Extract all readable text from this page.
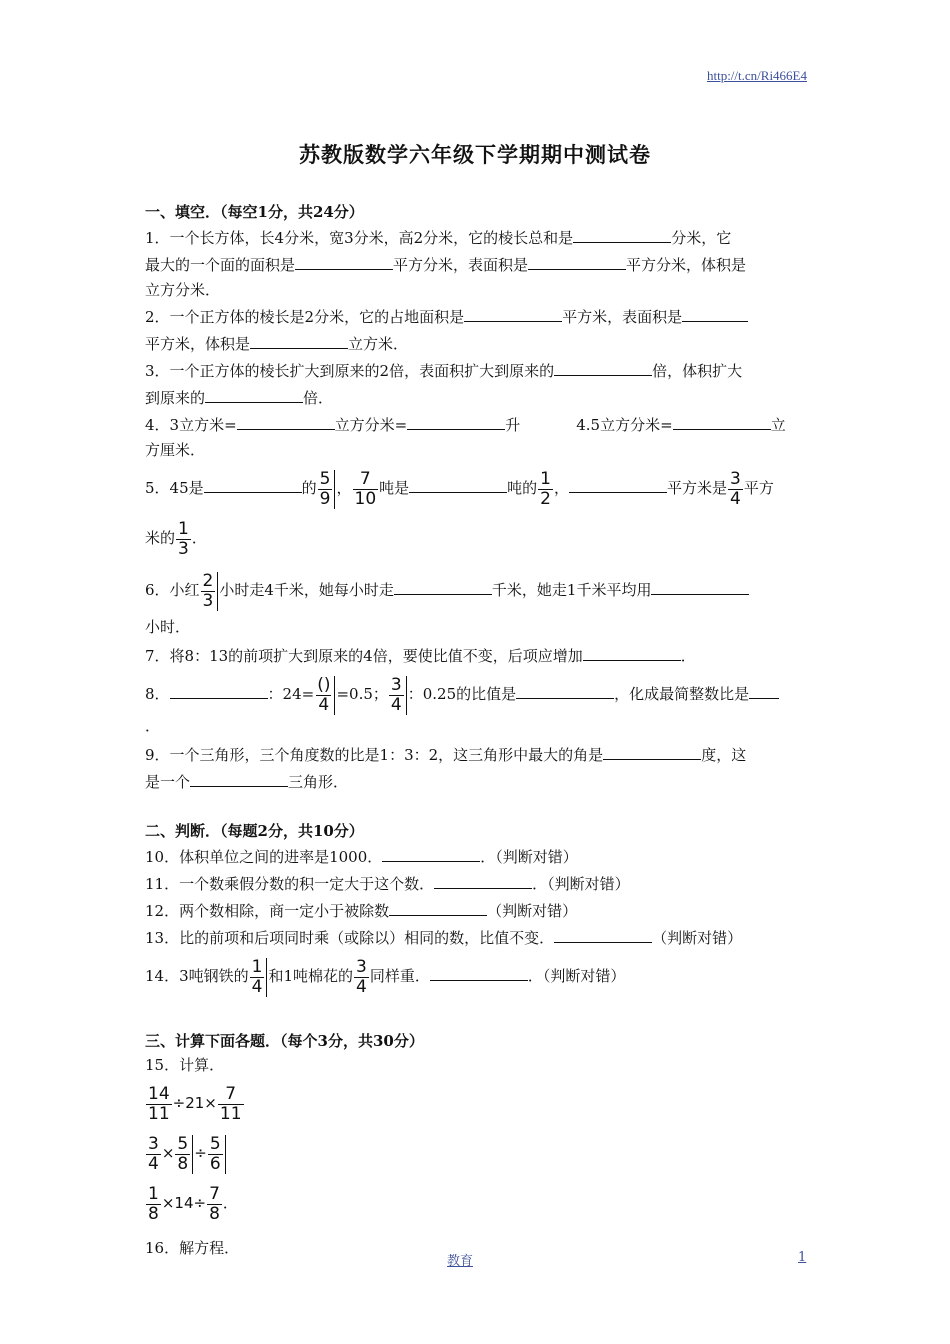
http://t.cn/Ri466E4
苏教版数学六年级下学期期中测试卷
一、填空．（每空1分，共24分）
1．一个长方体，长4分米，宽3分米，高2分米，它的棱长总和是	分米，它
最大的一个面的面积是	平方分米，表面积是	平方分米，体积是
立方分米．
2．一个正方体的棱长是2分米，它的占地面积是	平方米，表面积是
平方米，体积是	立方米．
3．一个正方体的棱长扩大到原来的2倍，表面积扩大到原来的	倍，体积扩大
到原来的	倍．
4．3立方米=	立方分米=	升	4.5立方分米=	立
方厘米．
5．45是	的 $\frac{5}{9}$ ， $\frac{7}{10}$ 吨是	吨的 $\frac{1}{2}$ ，	平方米是 $\frac{3}{4}$ 平方
米的 $\frac{1}{3}$ ．
6．小红 $\frac{2}{3}$ 小时走4千米，她每小时走	千米，她走1千米平均用
小时．
7．将8：13的前项扩大到原来的4倍，要使比值不变，后项应增加	．
8．	：$24= \frac{()}{4} =0.5$； $\frac{3}{4}$ ：0.25的比值是	，化成最简整数比是
．
9．一个三角形，三个角度数的比是1：3：2，这三角形中最大的角是	度，这
是一个	三角形．
二、判断．（每题2分，共10分）
10．体积单位之间的进率是1000．	．（判断对错）
11．一个数乘假分数的积一定大于这个数．	．（判断对错）
12．两个数相除，商一定小于被除数	（判断对错）
13．比的前项和后项同时乘（或除以）相同的数，比值不变．	（判断对错）
14．3吨钢铁的 $\frac{1}{4}$ 和1吨棉花的 $\frac{3}{4}$ 同样重．	．（判断对错）
三、计算下面各题．（每个3分，共30分）
15．计算．
$\frac{14}{11} \div 21\times \frac{7}{11}$
$\frac{3}{4} \times \frac{5}{8} \div \frac{5}{6}$
$\frac{1}{8} \times 14\div \frac{7}{8}$ ．
16．解方程．
教育	1
